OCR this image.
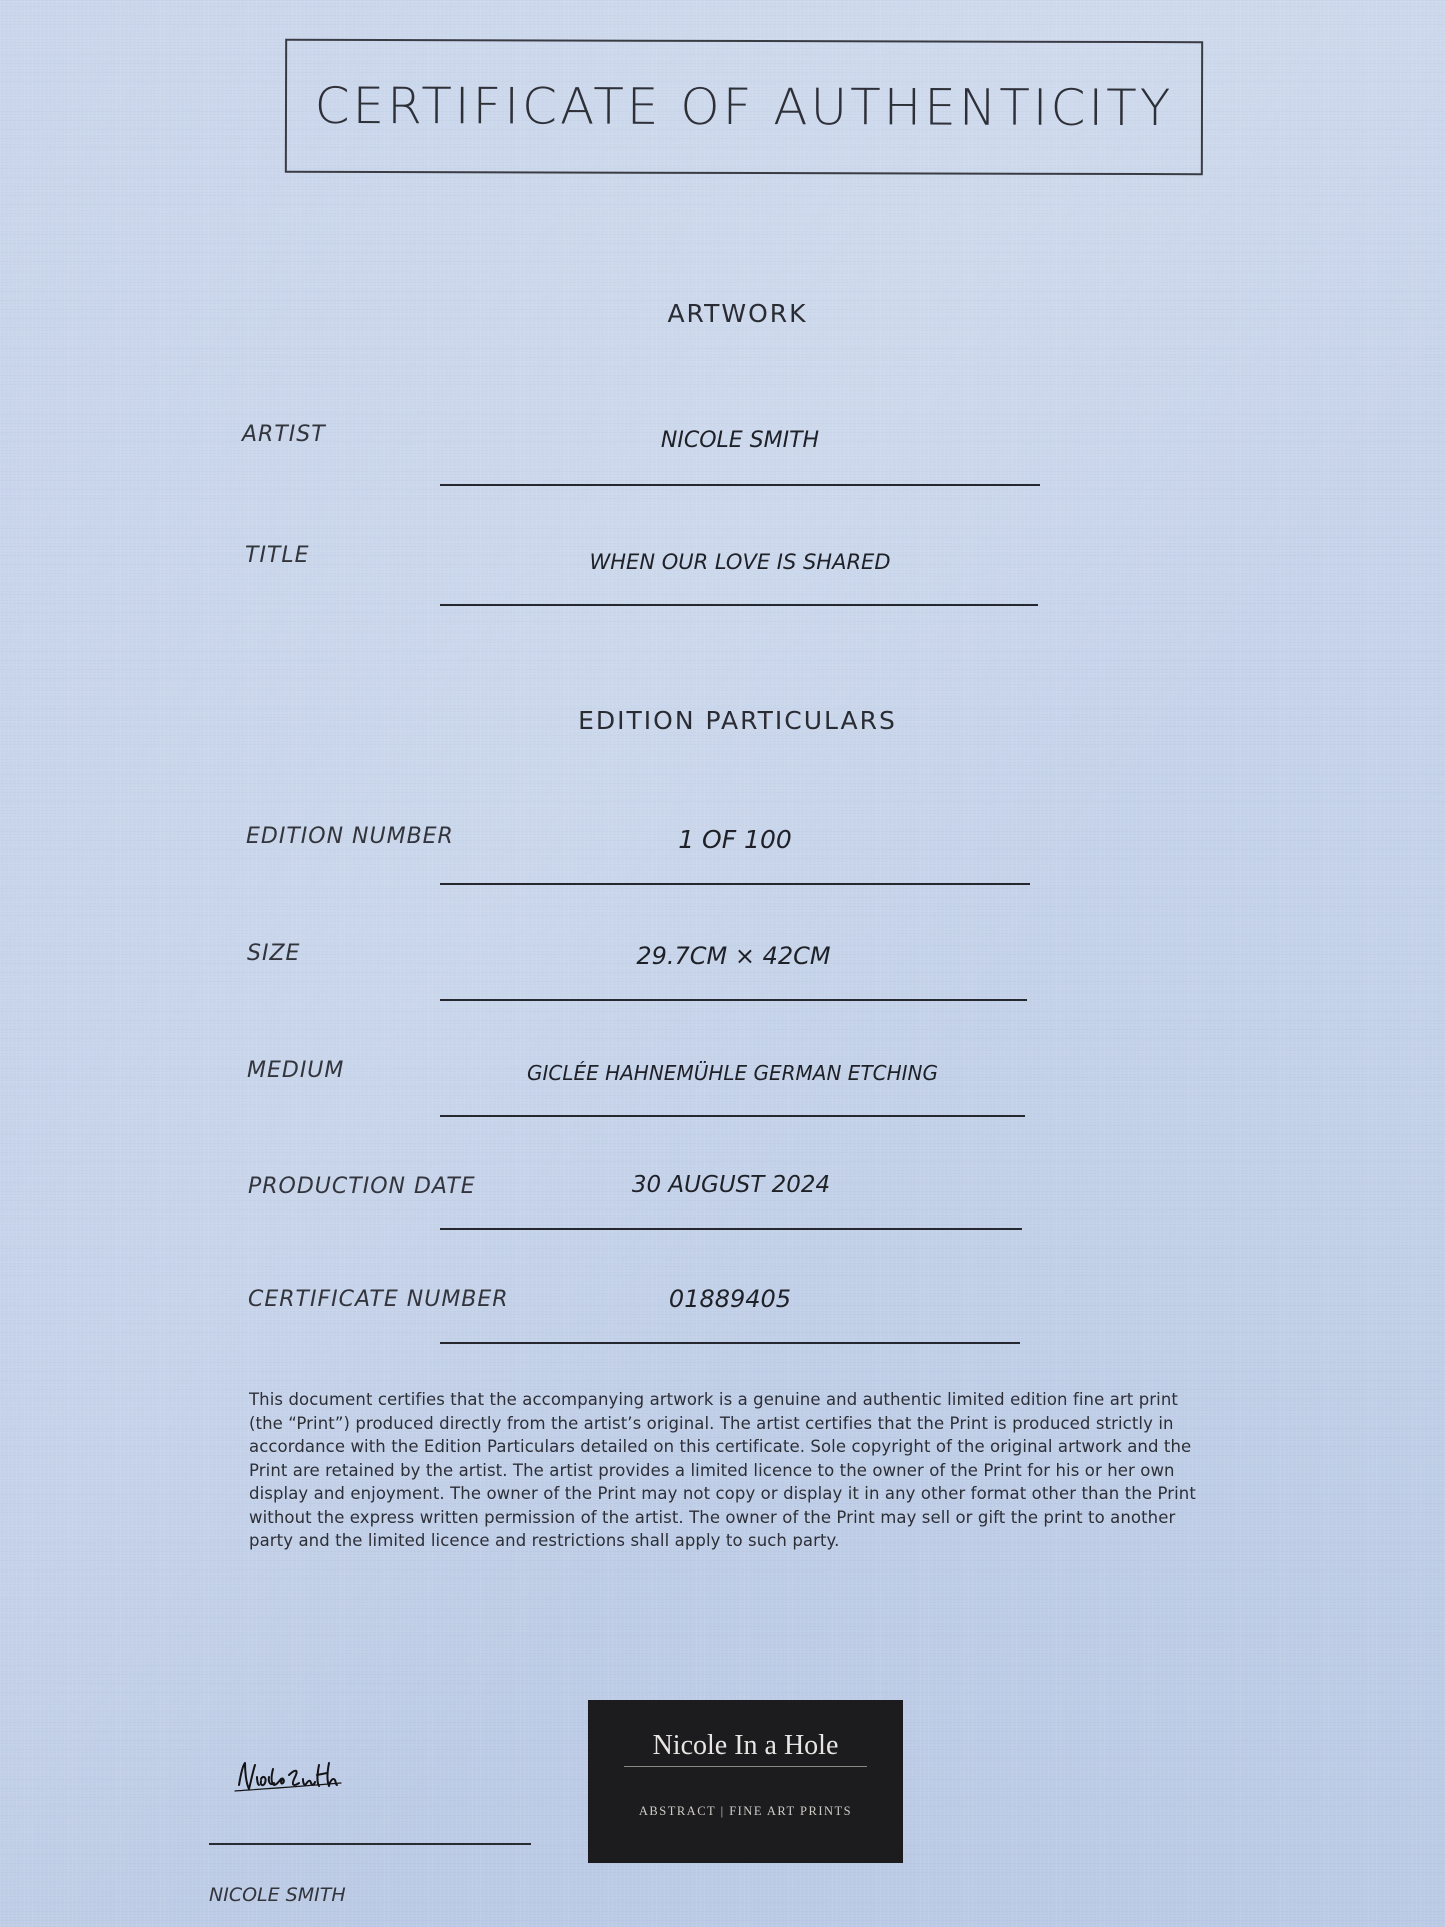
CERTIFICATE OF AUTHENTICITY
ARTWORK
ARTIST	NICOLE SMITH
TITLE	WHEN OUR LOVE IS SHARED
EDITION PARTICULARS
EDITION NUMBER	1 OF 100
SIZE	29.7CM × 42CM
MEDIUM	GICLÉE HAHNEMÜHLE GERMAN ETCHING
PRODUCTION DATE	30 AUGUST 2024
CERTIFICATE NUMBER	01889405
This document certifies that the accompanying artwork is a genuine and authentic limited edition fine art print (the “Print”) produced directly from the artist’s original. The artist certifies that the Print is produced strictly in accordance with the Edition Particulars detailed on this certificate. Sole copyright of the original artwork and the Print are retained by the artist. The artist provides a limited licence to the owner of the Print for his or her own display and enjoyment. The owner of the Print may not copy or display it in any other format other than the Print without the express written permission of the artist. The owner of the Print may sell or gift the print to another party and the limited licence and restrictions shall apply to such party.
NICOLE SMITH
Nicole In a Hole
ABSTRACT | FINE ART PRINTS
